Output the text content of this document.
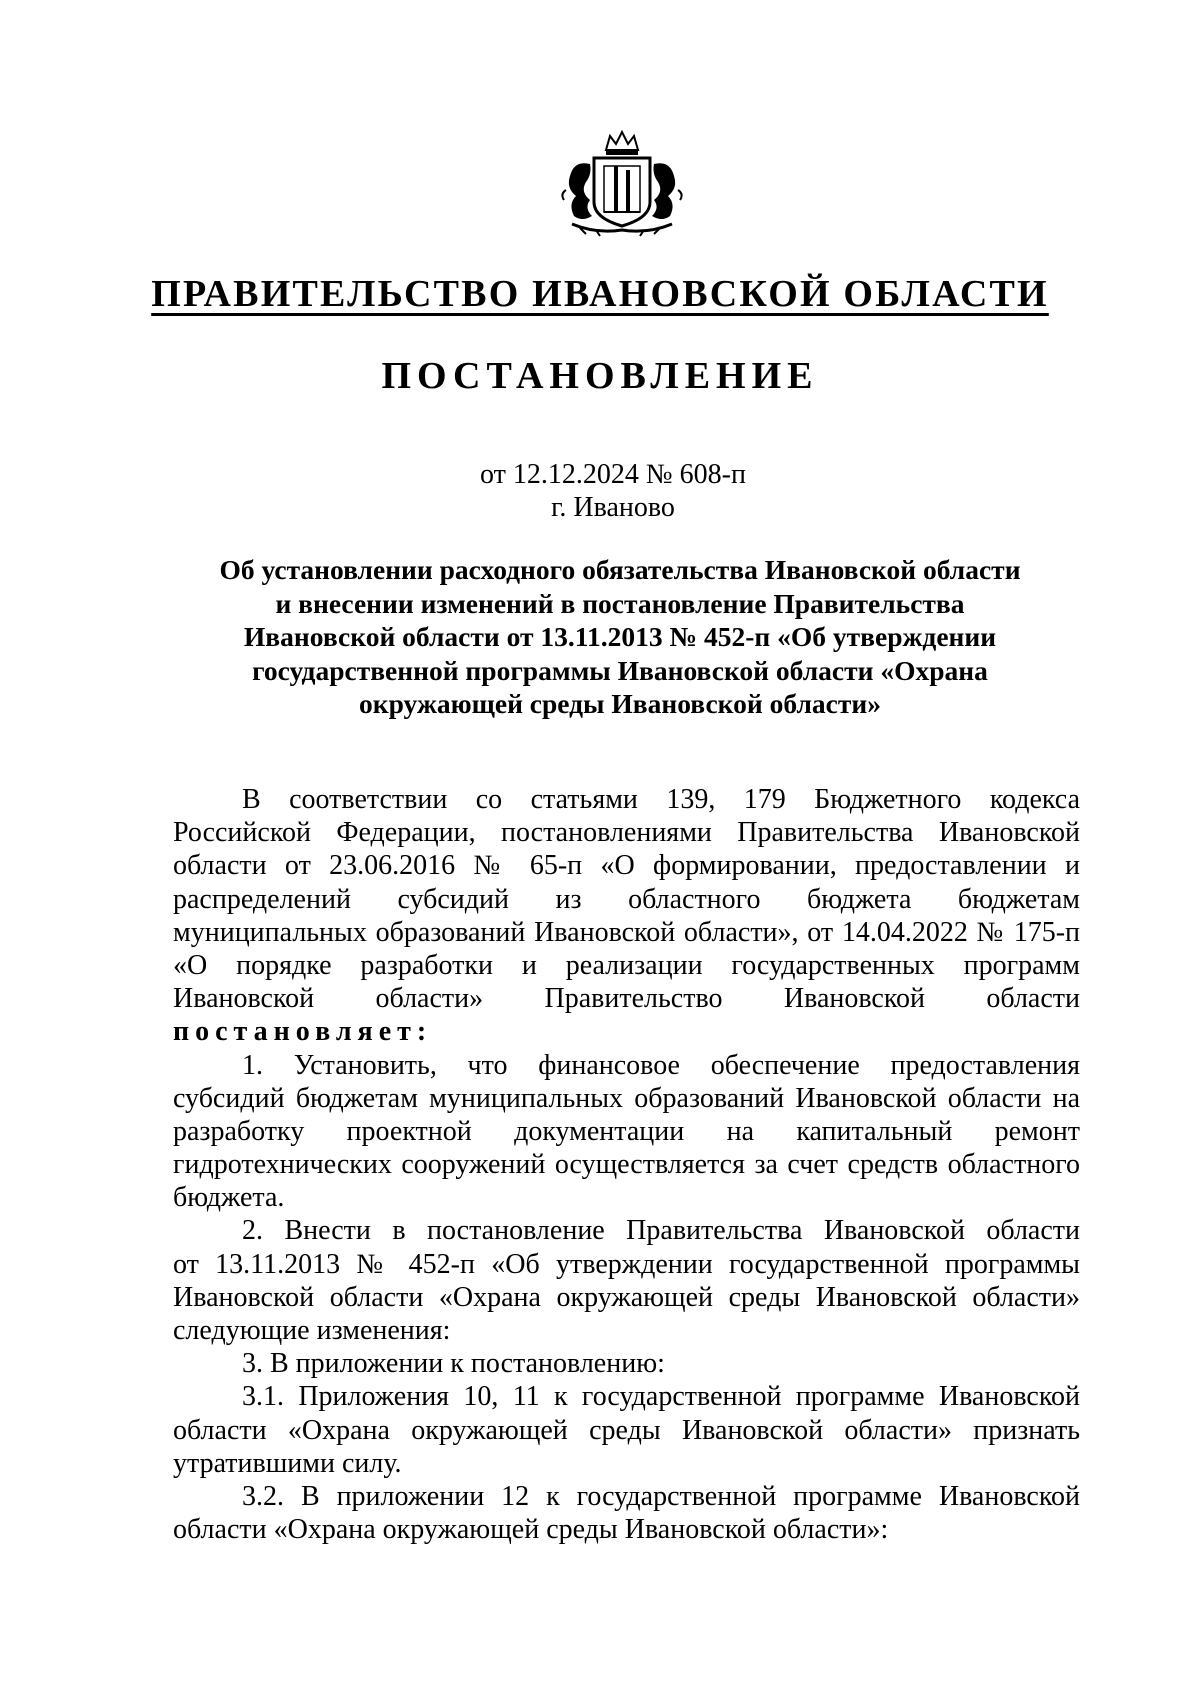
ПРАВИТЕЛЬСТВО ИВАНОВСКОЙ ОБЛАСТИ
ПОСТАНОВЛЕНИЕ
от 12.12.2024 № 608-п
г. Иваново
Об установлении расходного обязательства Ивановской области
и внесении изменений в постановление Правительства
Ивановской области от 13.11.2013 № 452-п «Об утверждении
государственной программы Ивановской области «Охрана
окружающей среды Ивановской области»
В соответствии со статьями 139, 179 Бюджетного кодекса
Российской Федерации, постановлениями Правительства Ивановской
области от 23.06.2016 № 65-п «О формировании, предоставлении и
распределений субсидий из областного бюджета бюджетам
муниципальных образований Ивановской области», от 14.04.2022 № 175-п
«О порядке разработки и реализации государственных программ
Ивановской области» Правительство Ивановской области
постановляет:
1. Установить, что финансовое обеспечение предоставления
субсидий бюджетам муниципальных образований Ивановской области на
разработку проектной документации на капитальный ремонт
гидротехнических сооружений осуществляется за счет средств областного
бюджета.
2. Внести в постановление Правительства Ивановской области
от 13.11.2013 № 452-п «Об утверждении государственной программы
Ивановской области «Охрана окружающей среды Ивановской области»
следующие изменения:
3. В приложении к постановлению:
3.1. Приложения 10, 11 к государственной программе Ивановской
области «Охрана окружающей среды Ивановской области» признать
утратившими силу.
3.2. В приложении 12 к государственной программе Ивановской
области «Охрана окружающей среды Ивановской области»:
